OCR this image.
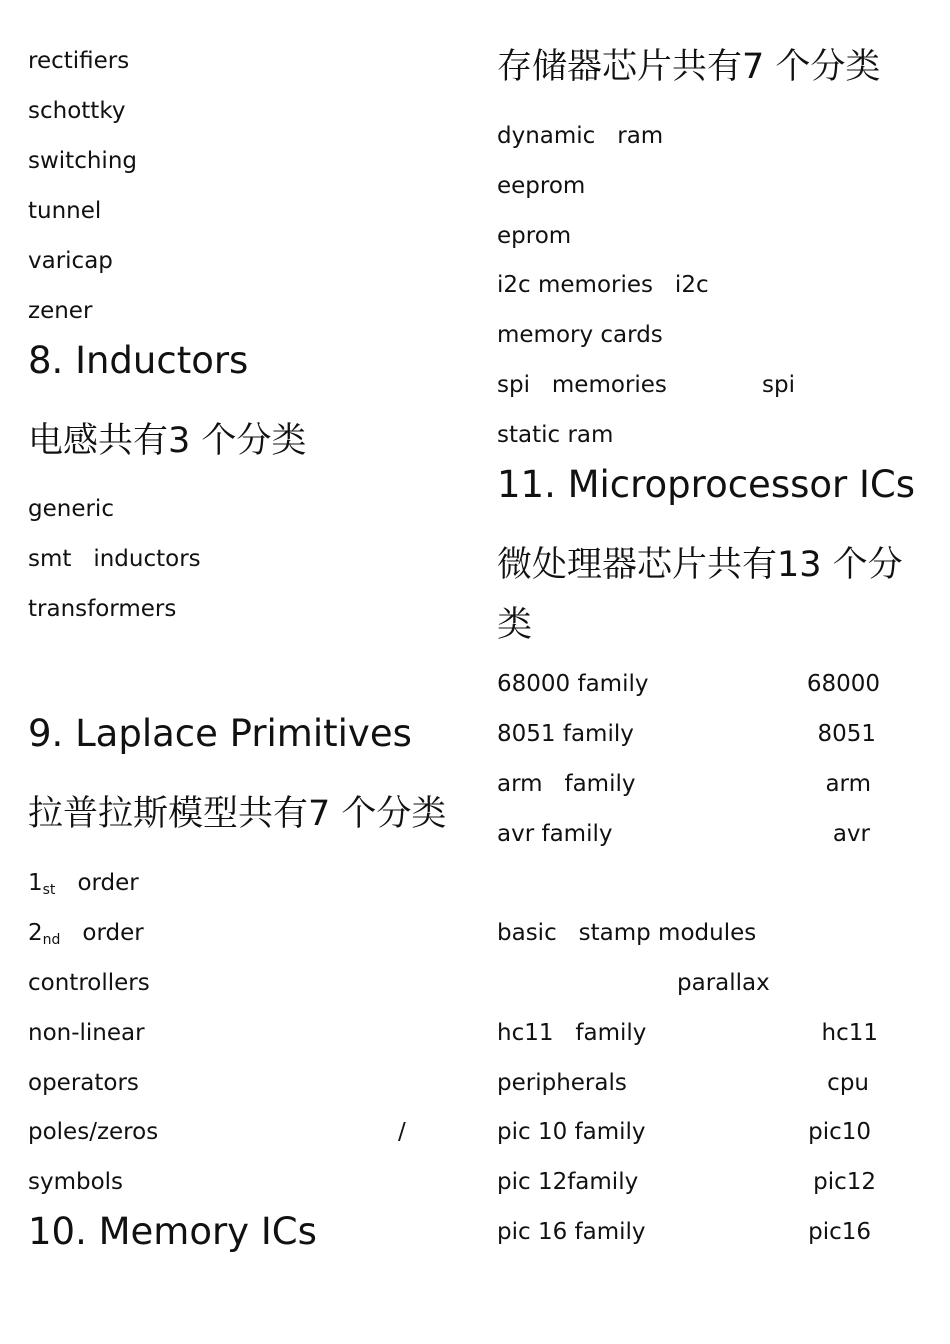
rectifiers
schottky
switching
tunnel
varicap
zener
8. Inductors
电感共有3 个分类
generic
smt   inductors
transformers
9. Laplace Primitives
拉普拉斯模型共有7 个分类
$1_{st}$ order
$2_{nd}$ order
controllers
non-linear
operators
poles/zeros	/
symbols
10. Memory ICs
存储器芯片共有7 个分类
dynamic   ram
eeprom
eprom
i2c memories   i2c
memory cards
spi   memories	spi
static ram
11. Microprocessor ICs
微处理器芯片共有13 个分
类
68000 family	68000
8051 family	8051
arm   family	arm
avr family	avr
basic   stamp modules
parallax
hc11   family	hc11
peripherals	cpu
pic 10 family	pic10
pic 12family	pic12
pic 16 family	pic16
